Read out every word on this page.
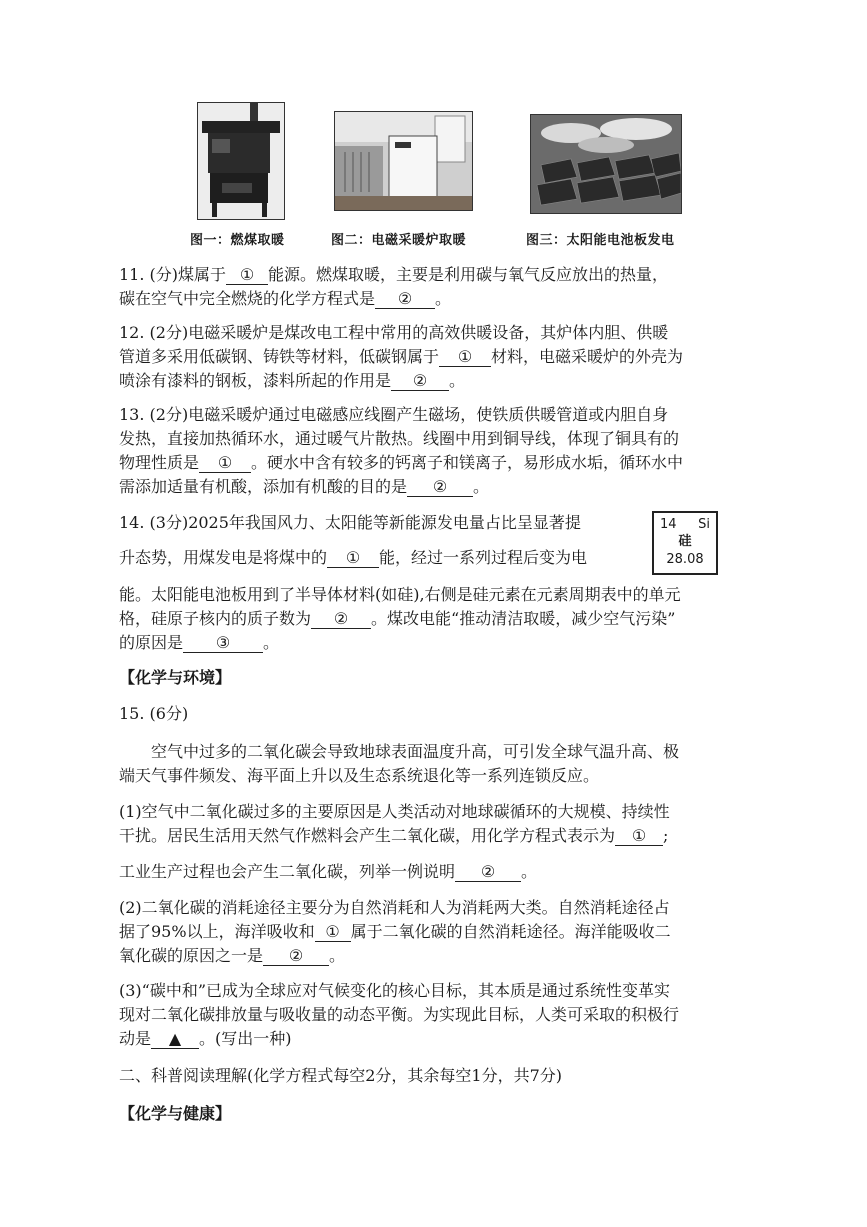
图一：燃煤取暖	图二：电磁采暖炉取暖	图三：太阳能电池板发电
11. (分)煤属于 ① 能源。燃煤取暖，主要是利用碳与氧气反应放出的热量，
碳在空气中完全燃烧的化学方程式是 ② 。
12. (2分)电磁采暖炉是煤改电工程中常用的高效供暖设备，其炉体内胆、供暖
管道多采用低碳钢、铸铁等材料，低碳钢属于 ① 材料，电磁采暖炉的外壳为
喷涂有漆料的钢板，漆料所起的作用是 ② 。
13. (2分)电磁采暖炉通过电磁感应线圈产生磁场，使铁质供暖管道或内胆自身
发热，直接加热循环水，通过暖气片散热。线圈中用到铜导线，体现了铜具有的
物理性质是 ① 。硬水中含有较多的钙离子和镁离子，易形成水垢，循环水中
需添加适量有机酸，添加有机酸的目的是 ② 。
14. (3分)2025年我国风力、太阳能等新能源发电量占比呈显著提
升态势，用煤发电是将煤中的 ① 能，经过一系列过程后变为电
14 Si
硅
28.08
能。太阳能电池板用到了半导体材料(如硅),右侧是硅元素在元素周期表中的单元
格，硅原子核内的质子数为 ② 。煤改电能“推动清洁取暖，减少空气污染”
的原因是 ③ 。
【化学与环境】
15. (6分)
空气中过多的二氧化碳会导致地球表面温度升高，可引发全球气温升高、极
端天气事件频发、海平面上升以及生态系统退化等一系列连锁反应。
(1)空气中二氧化碳过多的主要原因是人类活动对地球碳循环的大规模、持续性
干扰。居民生活用天然气作燃料会产生二氧化碳，用化学方程式表示为 ① ;
工业生产过程也会产生二氧化碳，列举一例说明 ② 。
(2)二氧化碳的消耗途径主要分为自然消耗和人为消耗两大类。自然消耗途径占
据了95%以上，海洋吸收和 ① 属于二氧化碳的自然消耗途径。海洋能吸收二
氧化碳的原因之一是 ② 。
(3)“碳中和”已成为全球应对气候变化的核心目标，其本质是通过系统性变革实
现对二氧化碳排放量与吸收量的动态平衡。为实现此目标，人类可采取的积极行
动是 ▲ 。(写出一种)
二、科普阅读理解(化学方程式每空2分，其余每空1分，共7分)
【化学与健康】
